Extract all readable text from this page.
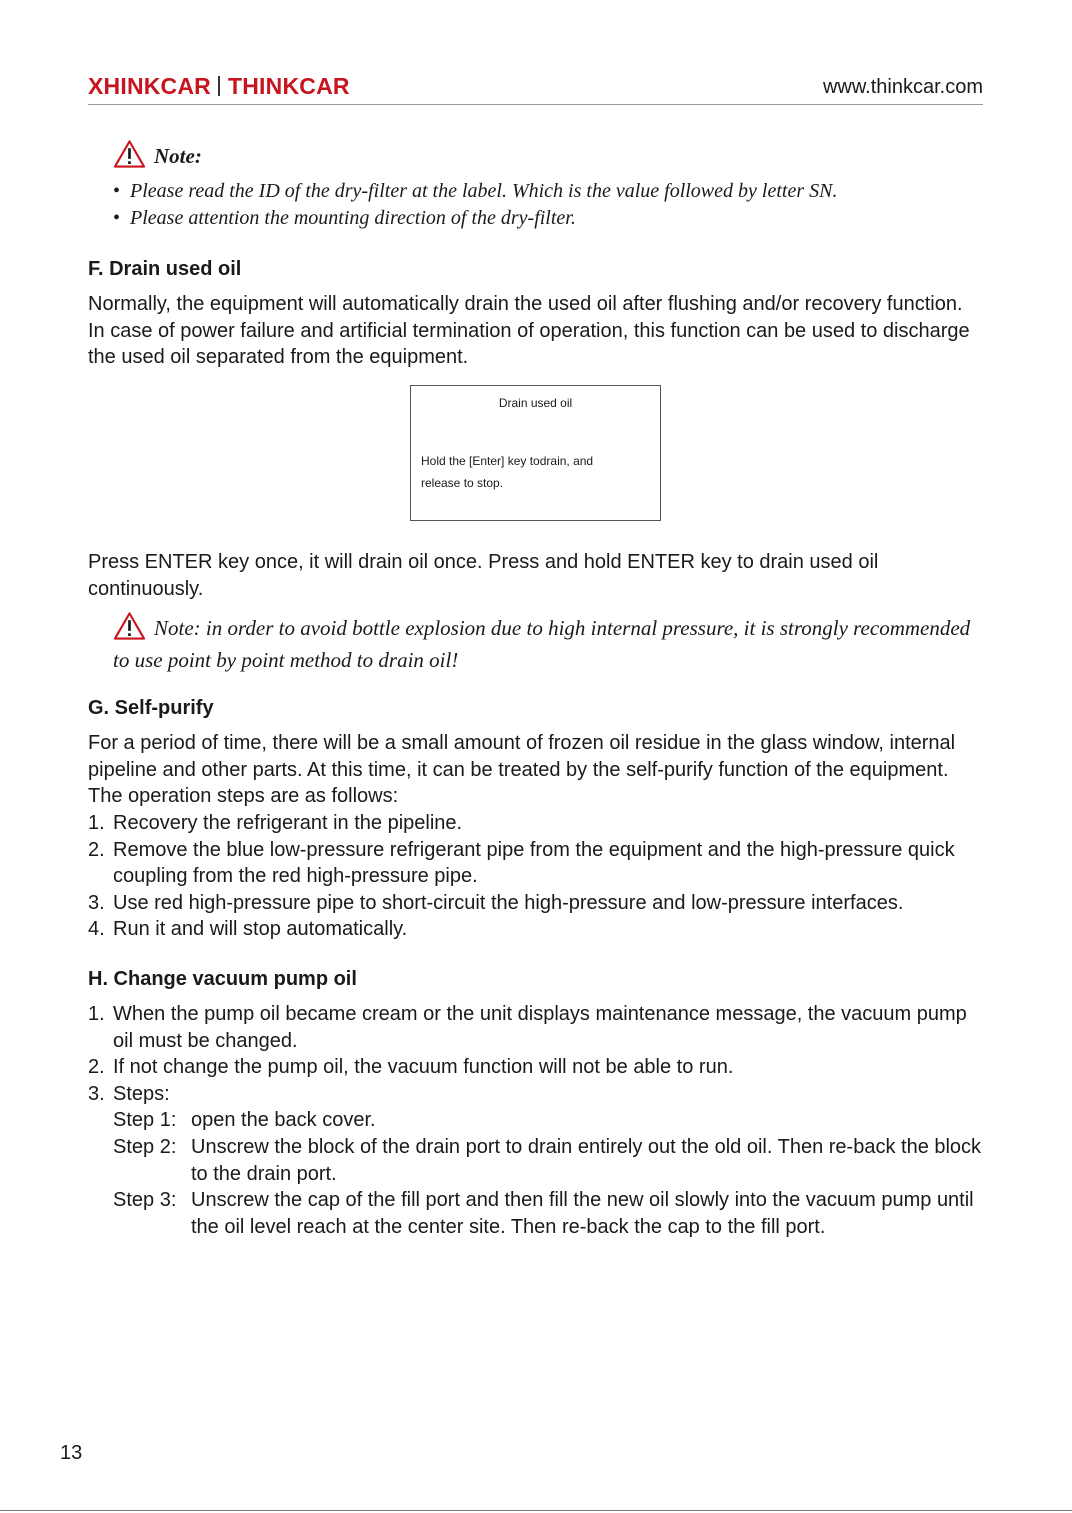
XHINKCAR THINKCAR	www.thinkcar.com
Note:
• Please read the ID of the dry-filter at the label. Which is the value followed by letter SN.
• Please attention the mounting direction of the dry-filter.
F. Drain used oil

Normally, the equipment will automatically drain the used oil after flushing and/or recovery function. In case of power failure and artificial termination of operation, this function can be used to discharge the used oil separated from the equipment.

Drain used oil
Hold the [Enter] key todrain, and
release to stop.

Press ENTER key once, it will drain oil once. Press and hold ENTER key to drain used oil continuously.

Note: in order to avoid bottle explosion due to high internal pressure, it is strongly recommended to use point by point method to drain oil!
G. Self-purify

For a period of time, there will be a small amount of frozen oil residue in the glass window, internal pipeline and other parts. At this time, it can be treated by the self-purify function of the equipment. The operation steps are as follows:

1. Recovery the refrigerant in the pipeline.
2. Remove the blue low-pressure refrigerant pipe from the equipment and the high-pressure quick coupling from the red high-pressure pipe.
3. Use red high-pressure pipe to short-circuit the high-pressure and low-pressure interfaces.
4. Run it and will stop automatically.
H. Change vacuum pump oil
1. When the pump oil became cream or the unit displays maintenance message, the vacuum pump oil must be changed.
2. If not change the pump oil, the vacuum function will not be able to run.
3. Steps:
Step 1: open the back cover.
Step 2: Unscrew the block of the drain port to drain entirely out the old oil. Then re-back the block to the drain port.
Step 3: Unscrew the cap of the fill port and then fill the new oil slowly into the vacuum pump until the oil level reach at the center site. Then re-back the cap to the fill port.
13
